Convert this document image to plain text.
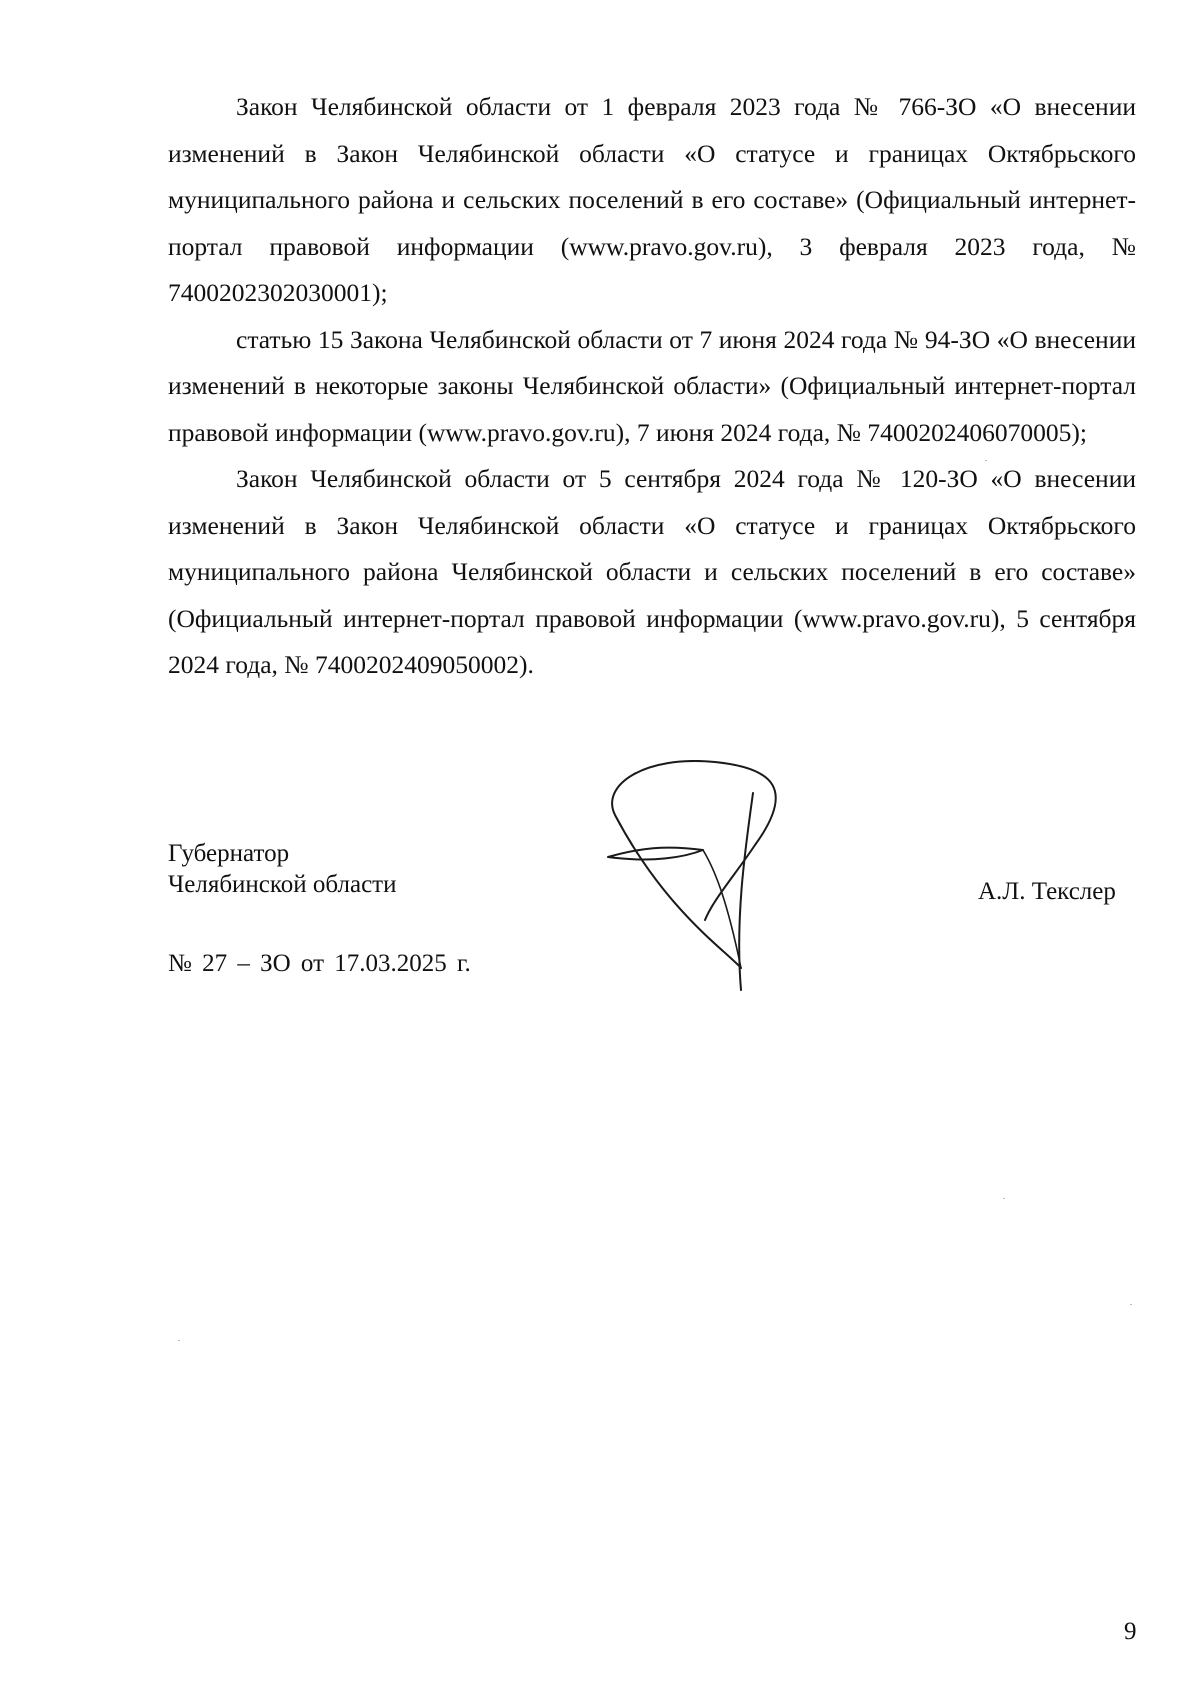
Закон Челябинской области от 1 февраля 2023 года № 766-ЗО «О внесении изменений в Закон Челябинской области «О статусе и границах Октябрьского муниципального района и сельских поселений в его составе» (Официальный интернет-портал правовой информации (www.pravo.gov.ru), 3 февраля 2023 года, № 7400202302030001);

статью 15 Закона Челябинской области от 7 июня 2024 года № 94-ЗО «О внесении изменений в некоторые законы Челябинской области» (Официальный интернет-портал правовой информации (www.pravo.gov.ru), 7 июня 2024 года, № 7400202406070005);

Закон Челябинской области от 5 сентября 2024 года № 120-ЗО «О внесении изменений в Закон Челябинской области «О статусе и границах Октябрьского муниципального района Челябинской области и сельских поселений в его составе» (Официальный интернет-портал правовой информации (www.pravo.gov.ru), 5 сентября 2024 года, № 7400202409050002).

Губернатор
Челябинской области	А.Л. Текслер
№ 27 – ЗО от 17.03.2025 г.
9
